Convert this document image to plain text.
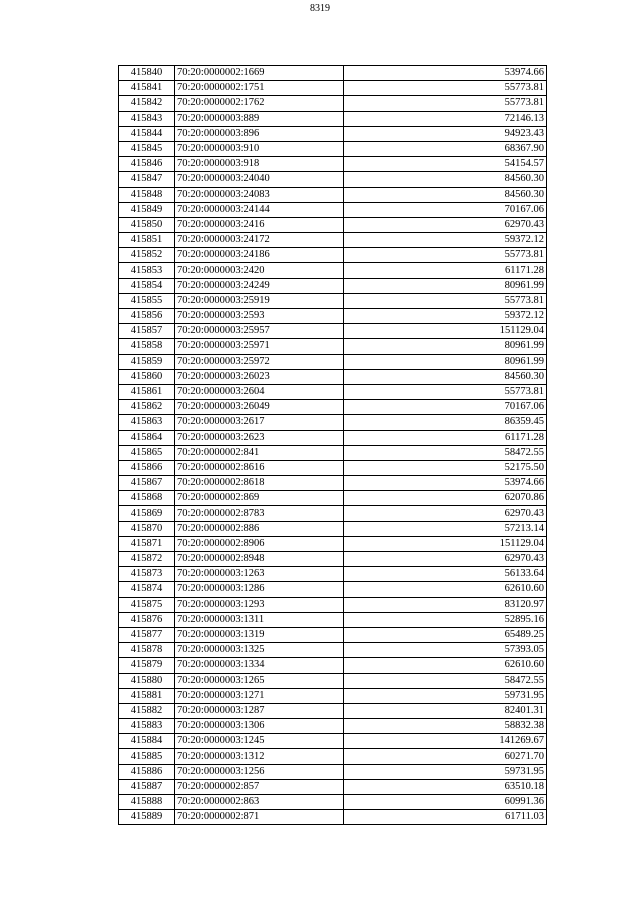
8319
415840	70:20:0000002:1669	53974.66
415841	70:20:0000002:1751	55773.81
415842	70:20:0000002:1762	55773.81
415843	70:20:0000003:889	72146.13
415844	70:20:0000003:896	94923.43
415845	70:20:0000003:910	68367.90
415846	70:20:0000003:918	54154.57
415847	70:20:0000003:24040	84560.30
415848	70:20:0000003:24083	84560.30
415849	70:20:0000003:24144	70167.06
415850	70:20:0000003:2416	62970.43
415851	70:20:0000003:24172	59372.12
415852	70:20:0000003:24186	55773.81
415853	70:20:0000003:2420	61171.28
415854	70:20:0000003:24249	80961.99
415855	70:20:0000003:25919	55773.81
415856	70:20:0000003:2593	59372.12
415857	70:20:0000003:25957	151129.04
415858	70:20:0000003:25971	80961.99
415859	70:20:0000003:25972	80961.99
415860	70:20:0000003:26023	84560.30
415861	70:20:0000003:2604	55773.81
415862	70:20:0000003:26049	70167.06
415863	70:20:0000003:2617	86359.45
415864	70:20:0000003:2623	61171.28
415865	70:20:0000002:841	58472.55
415866	70:20:0000002:8616	52175.50
415867	70:20:0000002:8618	53974.66
415868	70:20:0000002:869	62070.86
415869	70:20:0000002:8783	62970.43
415870	70:20:0000002:886	57213.14
415871	70:20:0000002:8906	151129.04
415872	70:20:0000002:8948	62970.43
415873	70:20:0000003:1263	56133.64
415874	70:20:0000003:1286	62610.60
415875	70:20:0000003:1293	83120.97
415876	70:20:0000003:1311	52895.16
415877	70:20:0000003:1319	65489.25
415878	70:20:0000003:1325	57393.05
415879	70:20:0000003:1334	62610.60
415880	70:20:0000003:1265	58472.55
415881	70:20:0000003:1271	59731.95
415882	70:20:0000003:1287	82401.31
415883	70:20:0000003:1306	58832.38
415884	70:20:0000003:1245	141269.67
415885	70:20:0000003:1312	60271.70
415886	70:20:0000003:1256	59731.95
415887	70:20:0000002:857	63510.18
415888	70:20:0000002:863	60991.36
415889	70:20:0000002:871	61711.03
